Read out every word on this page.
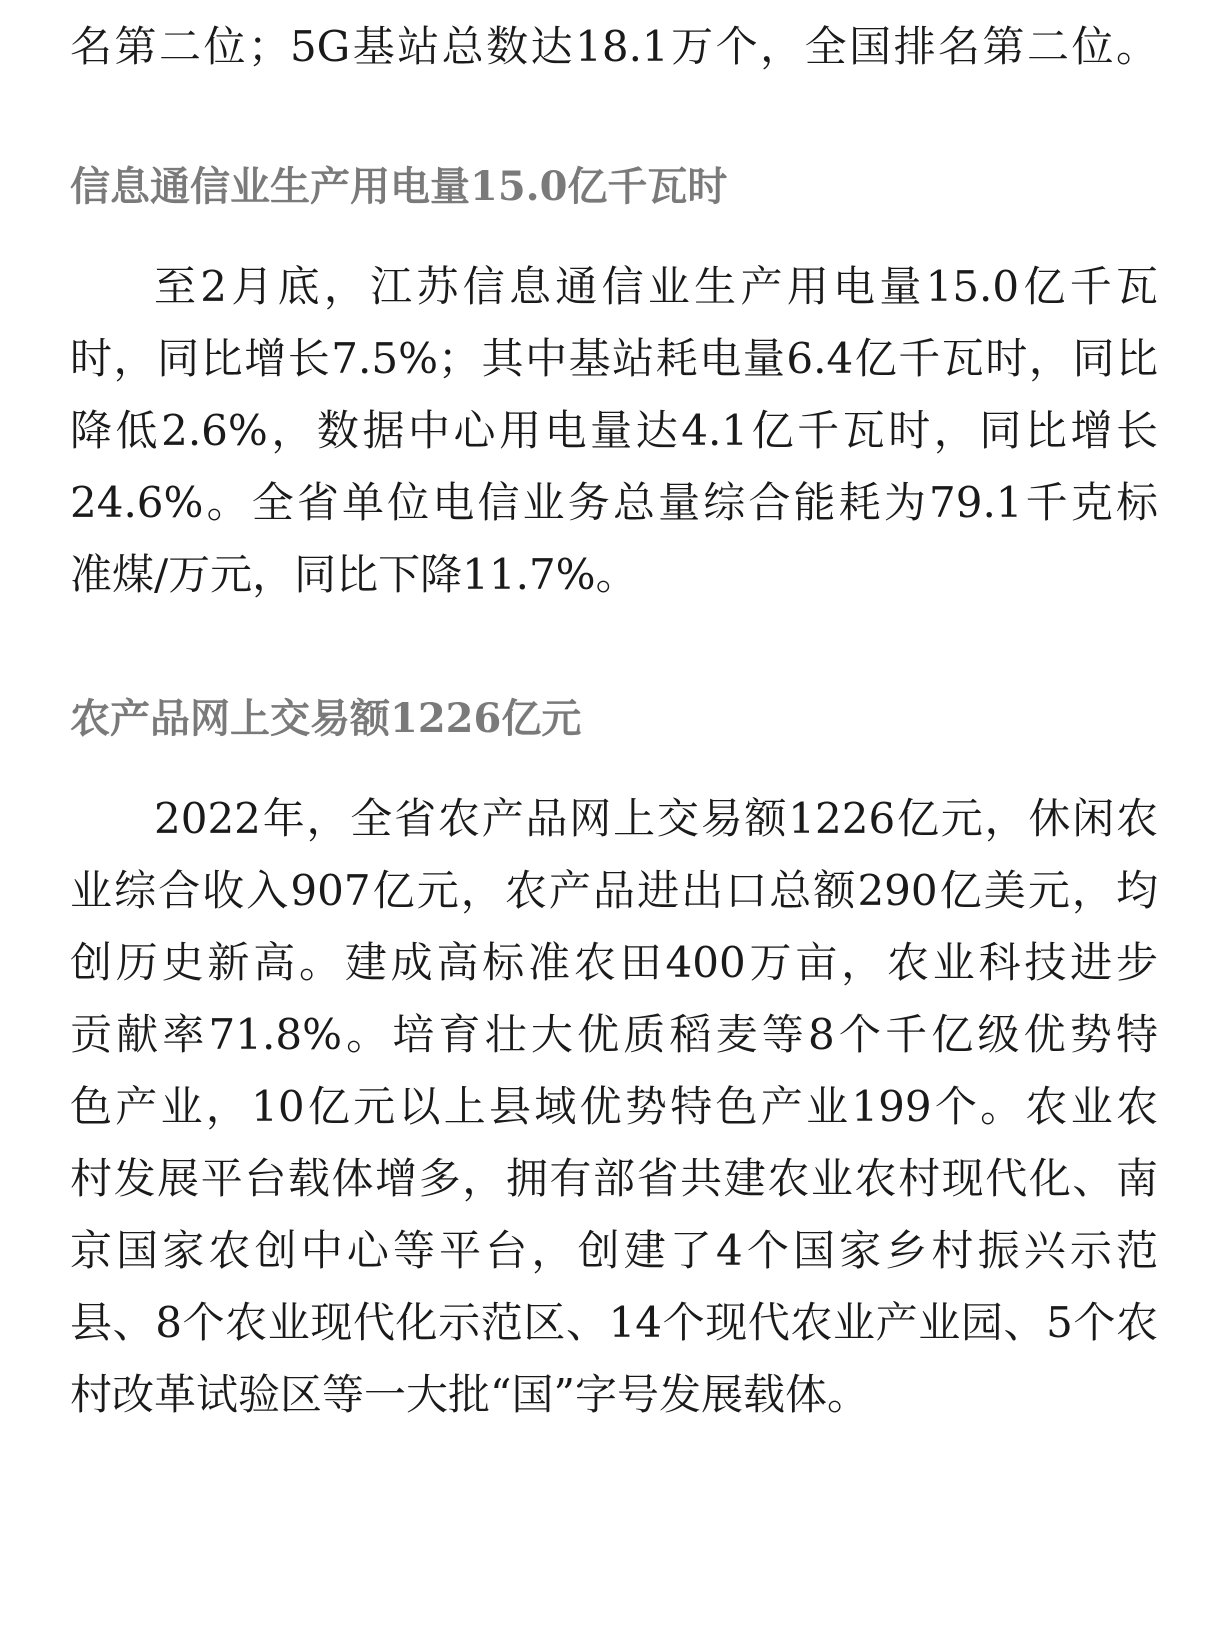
名第二位；5G基站总数达18.1万个，全国排名第二位。

信息通信业生产用电量15.0亿千瓦时

至2月底，江苏信息通信业生产用电量15.0亿千瓦

时，同比增长7.5%；其中基站耗电量6.4亿千瓦时，同比

降低2.6%，数据中心用电量达4.1亿千瓦时，同比增长

24.6%。全省单位电信业务总量综合能耗为79.1千克标

准煤/万元，同比下降11.7%。

农产品网上交易额1226亿元

2022年，全省农产品网上交易额1226亿元，休闲农

业综合收入907亿元，农产品进出口总额290亿美元，均

创历史新高。建成高标准农田400万亩，农业科技进步

贡献率71.8%。培育壮大优质稻麦等8个千亿级优势特

色产业，10亿元以上县域优势特色产业199个。农业农

村发展平台载体增多，拥有部省共建农业农村现代化、南

京国家农创中心等平台，创建了4个国家乡村振兴示范

县、8个农业现代化示范区、14个现代农业产业园、5个农

村改革试验区等一大批“国”字号发展载体。
